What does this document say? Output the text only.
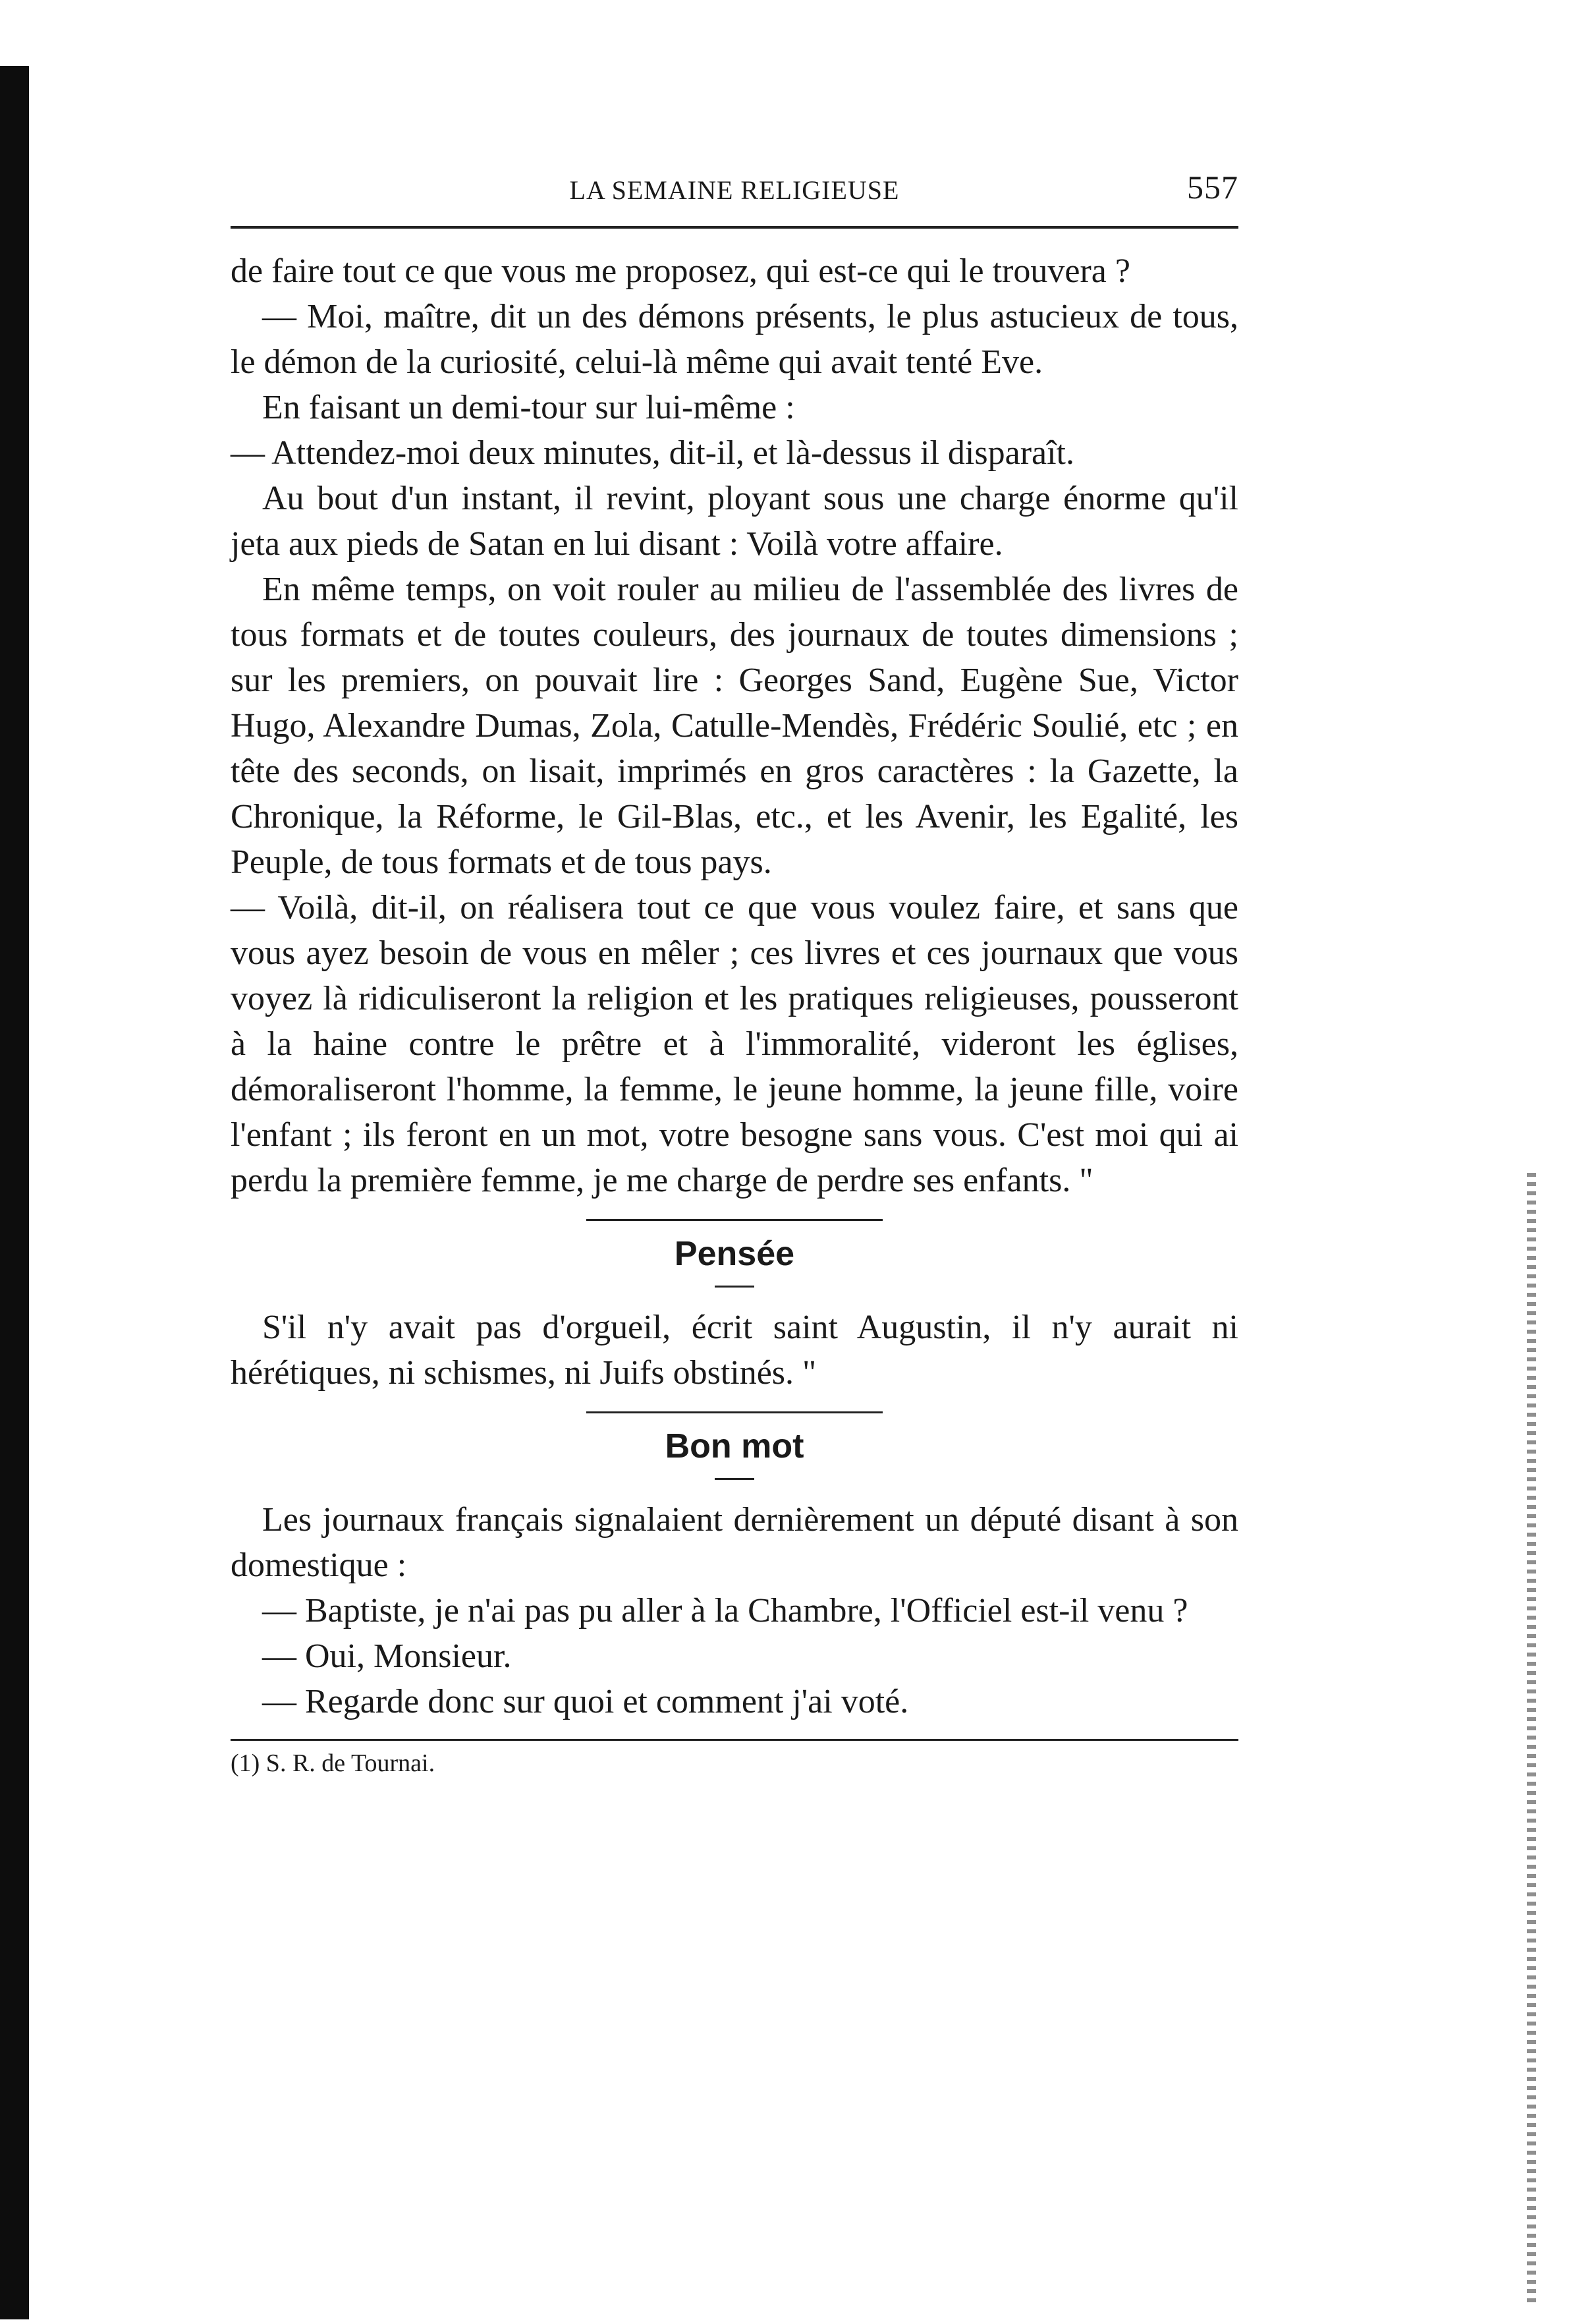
LA SEMAINE RELIGIEUSE	557

de faire tout ce que vous me proposez, qui est-ce qui le trouvera ?

— Moi, maître, dit un des démons présents, le plus astucieux de tous, le démon de la curiosité, celui-là même qui avait tenté Eve.

En faisant un demi-tour sur lui-même :

— Attendez-moi deux minutes, dit-il, et là-dessus il disparaît.

Au bout d'un instant, il revint, ployant sous une charge énorme qu'il jeta aux pieds de Satan en lui disant : Voilà votre affaire.

En même temps, on voit rouler au milieu de l'assemblée des livres de tous formats et de toutes couleurs, des journaux de toutes dimensions ; sur les premiers, on pouvait lire : Georges Sand, Eugène Sue, Victor Hugo, Alexandre Dumas, Zola, Catulle-Mendès, Frédéric Soulié, etc ; en tête des seconds, on lisait, imprimés en gros caractères : la Gazette, la Chronique, la Réforme, le Gil-Blas, etc., et les Avenir, les Egalité, les Peuple, de tous formats et de tous pays.

— Voilà, dit-il, on réalisera tout ce que vous voulez faire, et sans que vous ayez besoin de vous en mêler ; ces livres et ces journaux que vous voyez là ridiculiseront la religion et les pratiques religieuses, pousseront à la haine contre le prêtre et à l'immoralité, videront les églises, démoraliseront l'homme, la femme, le jeune homme, la jeune fille, voire l'enfant ; ils feront en un mot, votre besogne sans vous. C'est moi qui ai perdu la première femme, je me charge de perdre ses enfants. "

Pensée

S'il n'y avait pas d'orgueil, écrit saint Augustin, il n'y aurait ni hérétiques, ni schismes, ni Juifs obstinés. "

Bon mot

Les journaux français signalaient dernièrement un député disant à son domestique :

— Baptiste, je n'ai pas pu aller à la Chambre, l'Officiel est-il venu ?

— Oui, Monsieur.

— Regarde donc sur quoi et comment j'ai voté.

(1) S. R. de Tournai.
